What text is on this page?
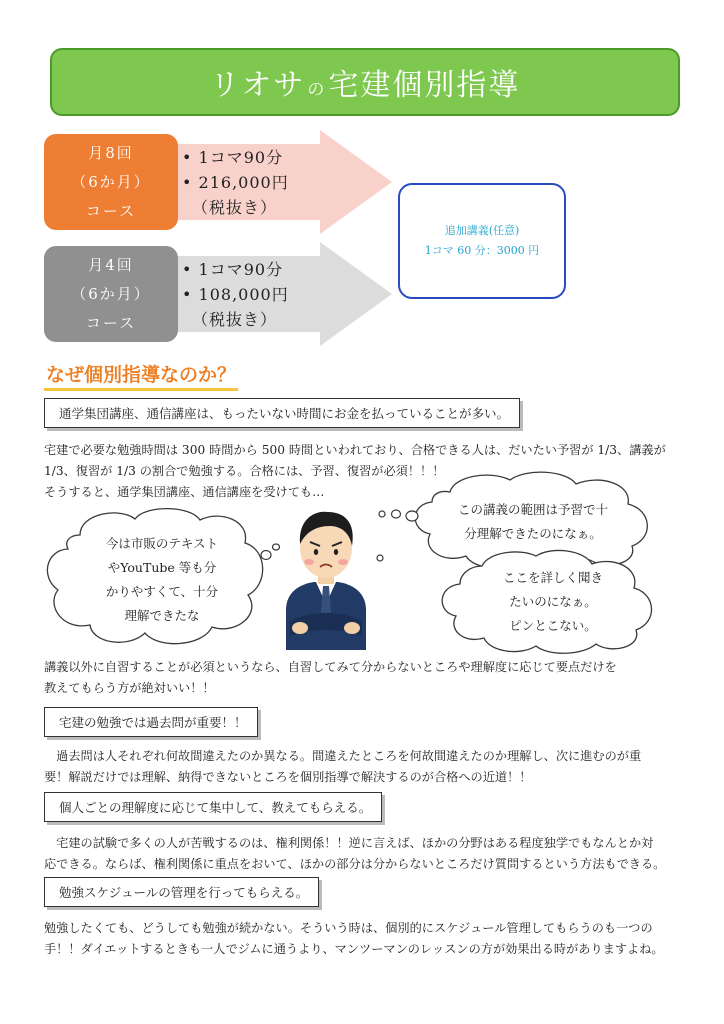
リオサ の宅建個別指導
月8回
（6か月）
コース
• 1コマ90分
• 216,000円
（税抜き）
月4回
（6か月）
コース
• 1コマ90分
• 108,000円
（税抜き）
追加講義(任意)
1コマ 60 分：3000 円
なぜ個別指導なのか？
通学集団講座、通信講座は、もったいない時間にお金を払っていることが多い。
宅建で必要な勉強時間は 300 時間から 500 時間といわれており、合格できる人は、だいたい予習が 1/3、講義が
1/3、復習が 1/3 の割合で勉強する。合格には、予習、復習が必須！！！
そうすると、通学集団講座、通信講座を受けても…
今は市販のテキスト
やYouTube 等も分
かりやすくて、十分
理解できたな
この講義の範囲は予習で十
分理解できたのになぁ。
ここを詳しく聞き
たいのになぁ。
ピンとこない。
講義以外に自習することが必須というなら、自習してみて分からないところや理解度に応じて要点だけを
教えてもらう方が絶対いい！！
宅建の勉強では過去問が重要！！
　過去問は人それぞれ何故間違えたのか異なる。間違えたところを何故間違えたのか理解し、次に進むのが重
要！解説だけでは理解、納得できないところを個別指導で解決するのが合格への近道！！
個人ごとの理解度に応じて集中して、教えてもらえる。
　宅建の試験で多くの人が苦戦するのは、権利関係！！逆に言えば、ほかの分野はある程度独学でもなんとか対
応できる。ならば、権利関係に重点をおいて、ほかの部分は分からないところだけ質問するという方法もできる。
勉強スケジュールの管理を行ってもらえる。
勉強したくても、どうしても勉強が続かない。そういう時は、個別的にスケジュール管理してもらうのも一つの
手！！ダイエットするときも一人でジムに通うより、マンツーマンのレッスンの方が効果出る時がありますよね。
